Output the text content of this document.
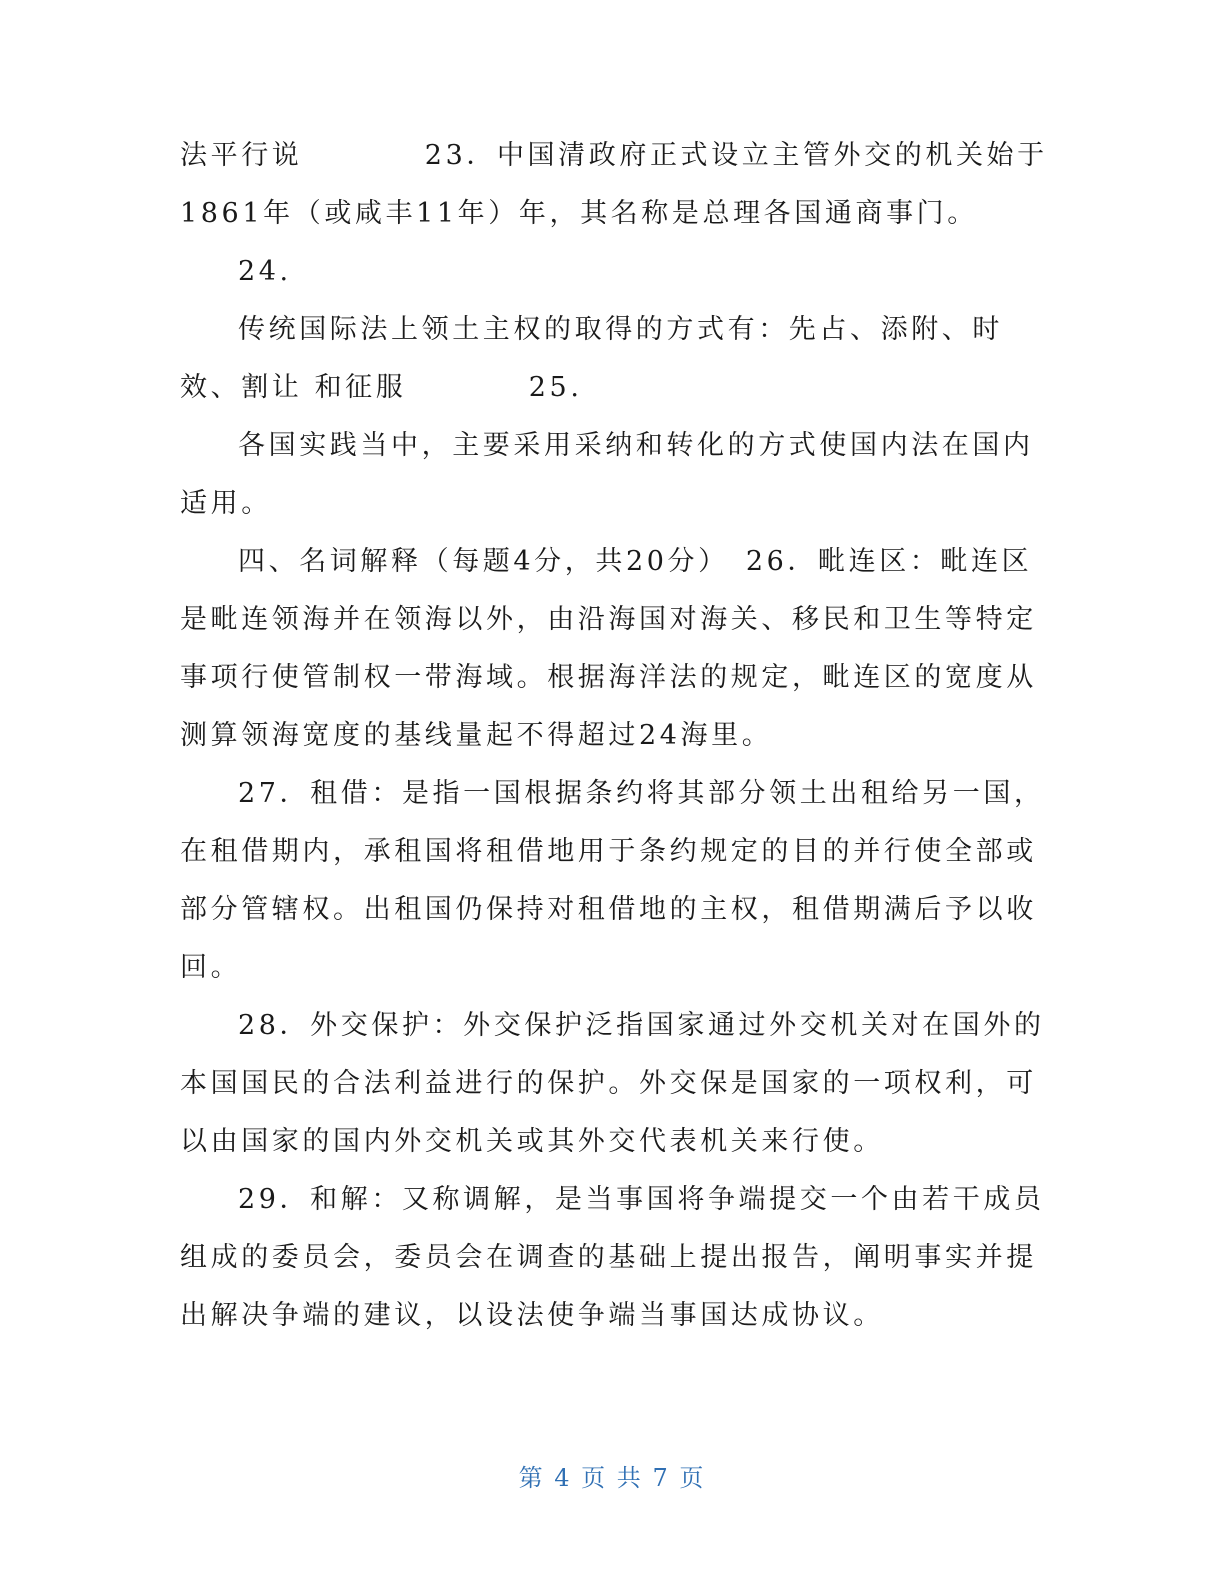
法平行说　　　　23．中国清政府正式设立主管外交的机关始于

1861年（或咸丰11年）年，其名称是总理各国通商事门。

24.

传统国际法上领土主权的取得的方式有：先占、添附、时

效、割让 和征服　　　　25.

各国实践当中，主要采用采纳和转化的方式使国内法在国内

适用。

四、名词解释（每题4分，共20分）　26．毗连区：毗连区

是毗连领海并在领海以外，由沿海国对海关、移民和卫生等特定

事项行使管制权一带海域。根据海洋法的规定，毗连区的宽度从

测算领海宽度的基线量起不得超过24海里。

27．租借：是指一国根据条约将其部分领土出租给另一国，

在租借期内，承租国将租借地用于条约规定的目的并行使全部或

部分管辖权。出租国仍保持对租借地的主权，租借期满后予以收

回。

28．外交保护：外交保护泛指国家通过外交机关对在国外的

本国国民的合法利益进行的保护。外交保是国家的一项权利，可

以由国家的国内外交机关或其外交代表机关来行使。

29．和解：又称调解，是当事国将争端提交一个由若干成员

组成的委员会，委员会在调查的基础上提出报告，阐明事实并提

出解决争端的建议，以设法使争端当事国达成协议。

第 4 页 共 7 页
